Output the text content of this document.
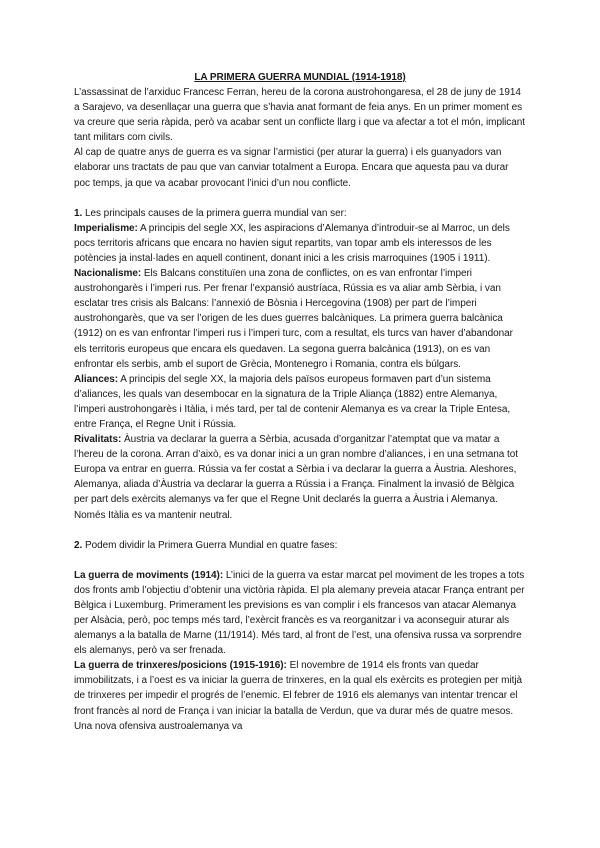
LA PRIMERA GUERRA MUNDIAL (1914-1918)

L’assassinat de l’arxiduc Francesc Ferran, hereu de la corona austrohongaresa, el 28 de juny de 1914 a Sarajevo, va desenllaçar una guerra que s’havia anat formant de feia anys. En un primer moment es va creure que seria ràpida, però va acabar sent un conflicte llarg i que va afectar a tot el món, implicant tant militars com civils.

Al cap de quatre anys de guerra es va signar l’armistici (per aturar la guerra) i els guanyadors van elaborar uns tractats de pau que van canviar totalment a Europa. Encara que aquesta pau va durar poc temps, ja que va acabar provocant l’inici d’un nou conflicte.

1. Les principals causes de la primera guerra mundial van ser:

Imperialisme: A principis del segle XX, les aspiracions d’Alemanya d’introduir-se al Marroc, un dels pocs territoris africans que encara no havien sigut repartits, van topar amb els interessos de les potències ja instal·lades en aquell continent, donant inici a les crisis marroquines (1905 i 1911).

Nacionalisme: Els Balcans constituïen una zona de conflictes, on es van enfrontar l’imperi austrohongarès i l’imperi rus. Per frenar l’expansió austríaca, Rússia es va aliar amb Sèrbia, i van esclatar tres crisis als Balcans: l’annexió de Bòsnia i Hercegovina (1908) per part de l’imperi austrohongarès, que va ser l’origen de les dues guerres balcàniques. La primera guerra balcànica (1912) on es van enfrontar l’imperi rus i l’imperi turc, com a resultat, els turcs van haver d’abandonar els territoris europeus que encara els quedaven. La segona guerra balcànica (1913), on es van enfrontar els serbis, amb el suport de Grècia, Montenegro i Romania, contra els búlgars.

Aliances: A principis del segle XX, la majoria dels països europeus formaven part d’un sistema d’aliances, les quals van desembocar en la signatura de la Triple Aliança (1882) entre Alemanya, l’imperi austrohongarès i Itàlia, i més tard, per tal de contenir Alemanya es va crear la Triple Entesa, entre França, el Regne Unit i Rússia.

Rivalitats: Àustria va declarar la guerra a Sèrbia, acusada d’organitzar l’atemptat que va matar a l’hereu de la corona. Arran d’això, es va donar inici a un gran nombre d’aliances, i en una setmana tot Europa va entrar en guerra. Rússia va fer costat a Sèrbia i va declarar la guerra a Àustria. Aleshores, Alemanya, aliada d’Àustria va declarar la guerra a Rússia i a França. Finalment la invasió de Bèlgica per part dels exèrcits alemanys va fer que el Regne Unit declarés la guerra a Àustria i Alemanya. Només Itàlia es va mantenir neutral.

2. Podem dividir la Primera Guerra Mundial en quatre fases:

La guerra de moviments (1914): L’inici de la guerra va estar marcat pel moviment de les tropes a tots dos fronts amb l’objectiu d’obtenir una victòria ràpida. El pla alemany preveia atacar França entrant per Bèlgica i Luxemburg. Primerament les previsions es van complir i els francesos van atacar Alemanya per Alsàcia, però, poc temps més tard, l’exèrcit francès es va reorganitzar i va aconseguir aturar als alemanys a la batalla de Marne (11/1914). Més tard, al front de l’est, una ofensiva russa va sorprendre els alemanys, però va ser frenada.

La guerra de trinxeres/posicions (1915-1916): El novembre de 1914 els fronts van quedar immobilitzats, i a l’oest es va iniciar la guerra de trinxeres, en la qual els exèrcits es protegien per mitjà de trinxeres per impedir el progrés de l’enemic. El febrer de 1916 els alemanys van intentar trencar el front francès al nord de França i van iniciar la batalla de Verdun, que va durar més de quatre mesos. Una nova ofensiva austroalemanya va
